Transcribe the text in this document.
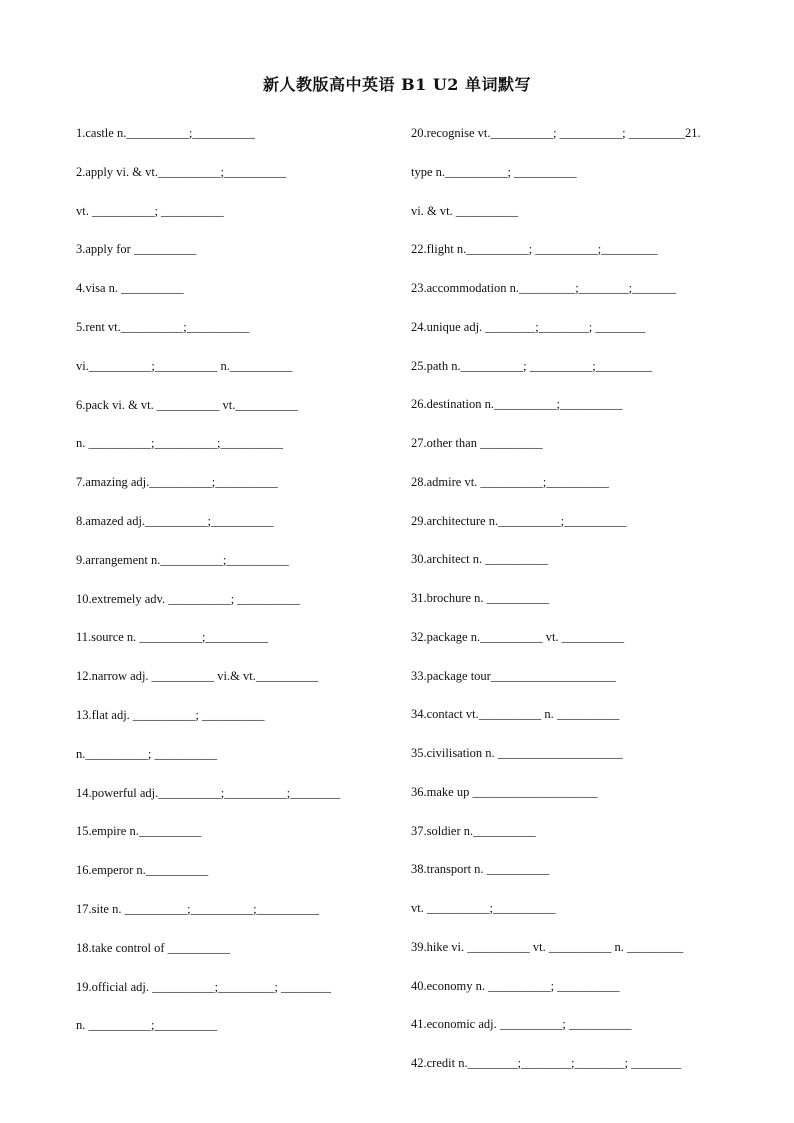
新人教版高中英语 B1 U2 单词默写
1.castle n.__________;__________
2.apply vi. & vt.__________;__________
vt. __________; __________
3.apply for __________
4.visa n. __________
5.rent vt.__________;__________
vi.__________;__________ n.__________
6.pack vi. & vt. __________ vt.__________
n. __________;__________;__________
7.amazing adj.__________;__________
8.amazed adj.__________;__________
9.arrangement n.__________;__________
10.extremely adv. __________; __________
11.source n. __________;__________
12.narrow adj. __________ vi.& vt.__________
13.flat adj. __________; __________
n.__________; __________
14.powerful adj.__________;__________;________
15.empire n.__________
16.emperor n.__________
17.site n. __________;__________;__________
18.take control of __________
19.official adj. __________;_________; ________
n. __________;__________
20.recognise vt.__________; __________; _________21.
type n.__________; __________
vi. & vt. __________
22.flight n.__________; __________;_________
23.accommodation n._________;________;_______
24.unique adj. ________;________; ________
25.path n.__________; __________;_________
26.destination n.__________;__________
27.other than __________
28.admire vt. __________;__________
29.architecture n.__________;__________
30.architect n. __________
31.brochure n. __________
32.package n.__________ vt. __________
33.package tour____________________
34.contact vt.__________ n. __________
35.civilisation n. ____________________
36.make up ____________________
37.soldier n.__________
38.transport n. __________
vt. __________;__________
39.hike vi. __________ vt. __________ n. _________
40.economy n. __________; __________
41.economic adj. __________; __________
42.credit n.________;________;________; ________
